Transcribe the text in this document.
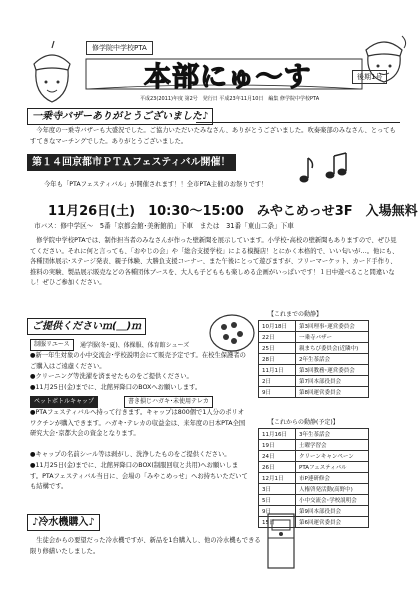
修学院中学校PTA
本部にゅ〜す	後期1号
平成23(2011)年度 第2号　発行日 平成23年11月10日　編集 修学院中学校PTA
一乗寺バザーありがとうございました♪

今年度の一乗寺バザーも大盛況でした。ご協力いただいたみなさん、ありがとうございました。吹奏楽部のみなさん、とってもすてきなマーチングでした。ありがとうございました。

第１４回京都市ＰＴＡフェスティバル開催！

今年も「PTAフェスティバル」が開催されます！！全市PTA主催のお祭りです！

11月26日(土)　10:30〜15:00　みやこめっせ3F　入場無料
市バス：修中学区〜　5番「京都会館･美術館前」下車　または　31番「東山二条」下車

修学院中学校PTAでは、制作担当者のみなさんが作った壁新聞を展示しています。小学校･高校の壁新聞もありますので、ぜひ見てください。それに何と言っても、「おやじの会」や「総合支援学校」による模擬店！とにかく本格的で、いい匂いが…。他にも、各種団体展示･ステージ発表、親子体験、大勝負支援コーナー、また午後にとって遊びますが、フリーマーケット、カード手作り、推料の実験、製品展示販売などの各種団体ブースを、大人も子どももも楽しめる企画がいっぱいです！１日中遊べること間違いなし！ぜひご参加ください。

ご提供くださいｍ(＿)ｍ
制服リユース	通学服(冬･夏)、体操服、体育館シューズ

●新一年生対象の小中交流会･学校説明会にて販売予定です。在校生保護者のご購入はご遠慮ください。

●クリーニング等洗濯を済ませたものをご提供ください。

●11月25日(金)までに、北館昇降口のBOXへお願いします。

ペットボトルキャップ	書き損じハガキ･未使用テレカ

●PTAフェスティバルへ持って行きます。キャップは800個で1人分のポリオワクチンが購入できます。ハガキ･テレカの収益金は、来年度の日本PTA全国研究大会･京都大会の資金となります。

●キャップの名前シール等は剥がし、洗浄したものをご提供ください。

●11月25日(金)までに、北館昇降口のBOX(制服回収と共用)へお願いします。PTAフェスティバル当日に、会場の「みやこめっせ」へお持ちいただいても結構です。

♪冷水機購入♪

生徒会からの要望だった冷水機ですが、新品を1台購入し、他の冷水機もできる限り修繕いたしました。

【これまでの動静】
10月18日	第3回理事･運営委員会
22日	一乗寺バザー
25日	親まちび委員会(近隣中)
28日	2年生茶話会
11月1日	第3回教務･運営委員会
2日	第7回本部役員会
9日	第8回運営委員会
【これからの動静(予定)】
11月16日	3年生茶話会
19日	土曜学習会
24日	クリーンキャンペーン
26日	PTAフェスティバル
12月1日	市P連研修会
3日	人権啓発活動(高野中)
5日	小中交流会･学校説明会
9日	第9回本部役員会
15日	第6回運営委員会
